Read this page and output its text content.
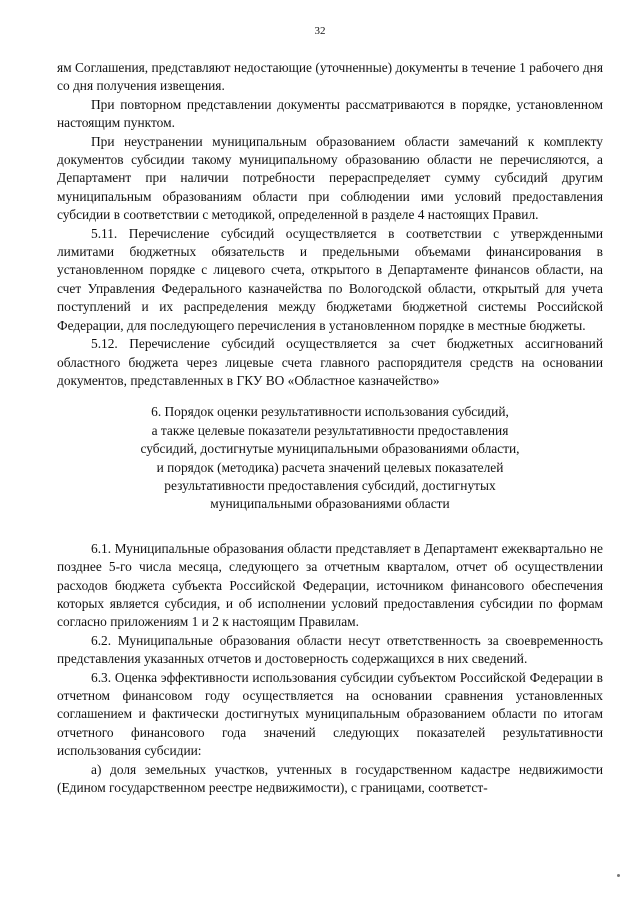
32

ям Соглашения, представляют недостающие (уточненные) документы в течение 1 рабочего дня со дня получения извещения.

При повторном представлении документы рассматриваются в порядке, установленном настоящим пунктом.

При неустранении муниципальным образованием области замечаний к комплекту документов субсидии такому муниципальному образованию области не перечисляются, а Департамент при наличии потребности перераспределяет сумму субсидий другим муниципальным образованиям области при соблюдении ими условий предоставления субсидии в соответствии с методикой, определенной в разделе 4 настоящих Правил.

5.11. Перечисление субсидий осуществляется в соответствии с утвержденными лимитами бюджетных обязательств и предельными объемами финансирования в установленном порядке с лицевого счета, открытого в Департаменте финансов области, на счет Управления Федерального казначейства по Вологодской области, открытый для учета поступлений и их распределения между бюджетами бюджетной системы Российской Федерации, для последующего перечисления в установленном порядке в местные бюджеты.

5.12. Перечисление субсидий осуществляется за счет бюджетных ассигнований областного бюджета через лицевые счета главного распорядителя средств на основании документов, представленных в ГКУ ВО «Областное казначейство»

6. Порядок оценки результативности использования субсидий,
а также целевые показатели результативности предоставления
субсидий, достигнутые муниципальными образованиями области,
и порядок (методика) расчета значений целевых показателей
результативности предоставления субсидий, достигнутых
муниципальными образованиями области

6.1. Муниципальные образования области представляет в Департамент ежеквартально не позднее 5-го числа месяца, следующего за отчетным кварталом, отчет об осуществлении расходов бюджета субъекта Российской Федерации, источником финансового обеспечения которых является субсидия, и об исполнении условий предоставления субсидии по формам согласно приложениям 1 и 2 к настоящим Правилам.

6.2. Муниципальные образования области несут ответственность за своевременность представления указанных отчетов и достоверность содержащихся в них сведений.

6.3. Оценка эффективности использования субсидии субъектом Российской Федерации в отчетном финансовом году осуществляется на основании сравнения установленных соглашением и фактически достигнутых муниципальным образованием области по итогам отчетного финансового года значений следующих показателей результативности использования субсидии:

а) доля земельных участков, учтенных в государственном кадастре недвижимости (Едином государственном реестре недвижимости), с границами, соответст-
